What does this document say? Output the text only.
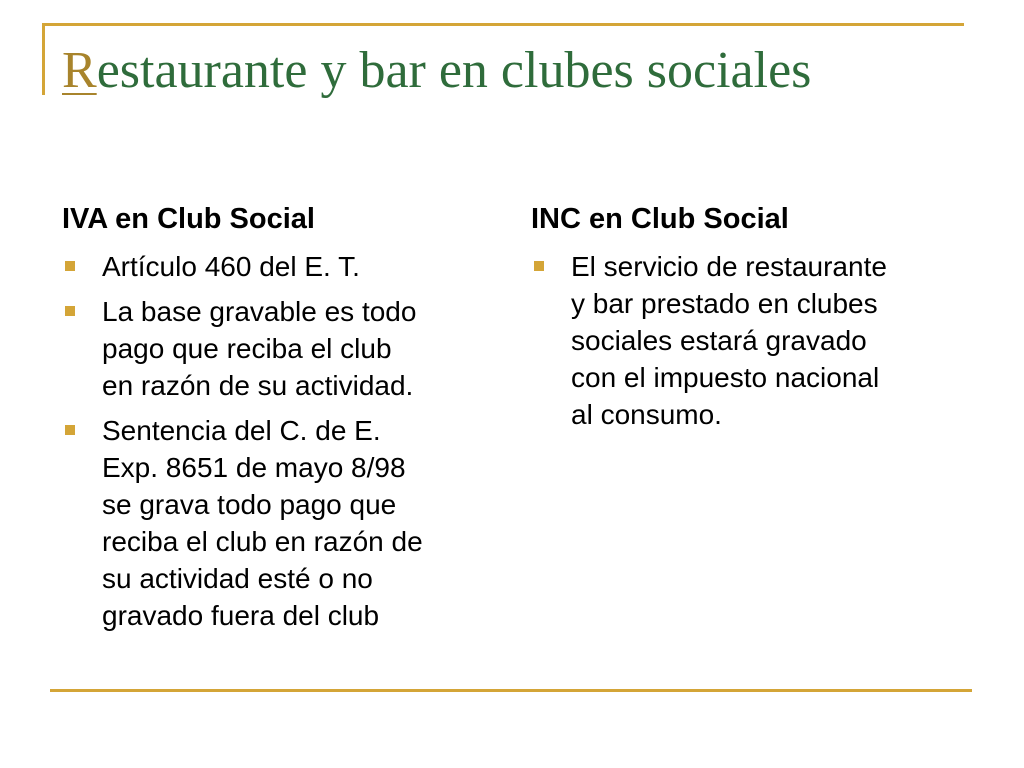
Restaurante y bar en clubes sociales
IVA en Club Social
Artículo 460 del E. T.
La base gravable es todo
pago que reciba el club
en razón de su actividad.
Sentencia del C. de E.
Exp. 8651 de mayo 8/98
se grava todo pago que
reciba el club en razón de
su actividad esté o no
gravado fuera del club
INC en Club Social
El servicio de restaurante
y bar prestado en clubes
sociales estará gravado
con el impuesto nacional
al consumo.
